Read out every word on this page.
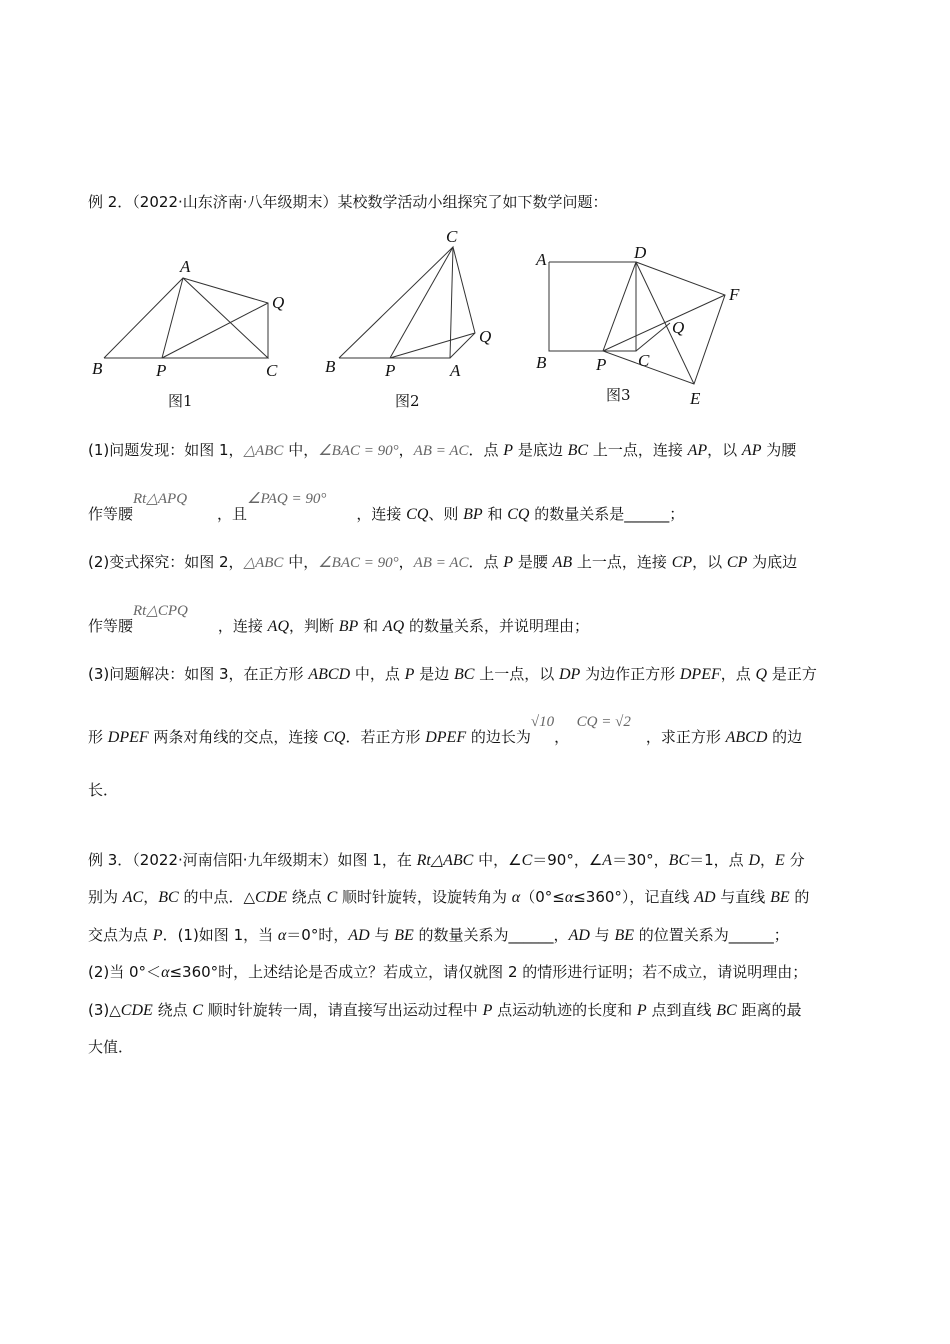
例 2．（2022·山东济南·八年级期末）某校数学活动小组探究了如下数学问题：
(1)问题发现：如图 1，△ABC 中，∠BAC = 90°，AB = AC．点 P 是底边 BC 上一点，连接 AP，以 AP 为腰
作等腰Rt△APQ　　，且∠PAQ = 90°　　，连接 CQ、则 BP 和 CQ 的数量关系是______；
(2)变式探究：如图 2，△ABC 中，∠BAC = 90°，AB = AC．点 P 是腰 AB 上一点，连接 CP，以 CP 为底边
作等腰Rt△CPQ　　，连接 AQ，判断 BP 和 AQ 的数量关系，并说明理由；
(3)问题解决：如图 3，在正方形 ABCD 中，点 P 是边 BC 上一点，以 DP 为边作正方形 DPEF，点 Q 是正方
形 DPEF 两条对角线的交点，连接 CQ．若正方形 DPEF 的边长为√10，　CQ = √2　，求正方形 ABCD 的边
长．
例 3．（2022·河南信阳·九年级期末）如图 1，在 Rt△ABC 中，∠C＝90°，∠A＝30°，BC＝1，点 D，E 分
别为 AC，BC 的中点．△CDE 绕点 C 顺时针旋转，设旋转角为 α（0°≤α≤360°），记直线 AD 与直线 BE 的
交点为点 P．(1)如图 1，当 α＝0°时，AD 与 BE 的数量关系为______，AD 与 BE 的位置关系为______；
(2)当 0°＜α≤360°时，上述结论是否成立？若成立，请仅就图 2 的情形进行证明；若不成立，请说明理由；
(3)△CDE 绕点 C 顺时针旋转一周，请直接写出运动过程中 P 点运动轨迹的长度和 P 点到直线 BC 距离的最
大值．
A
B	P	C
Q
图1
C
B	P	A
Q
图2
A	D
B	P C
Q
F
E
图3
